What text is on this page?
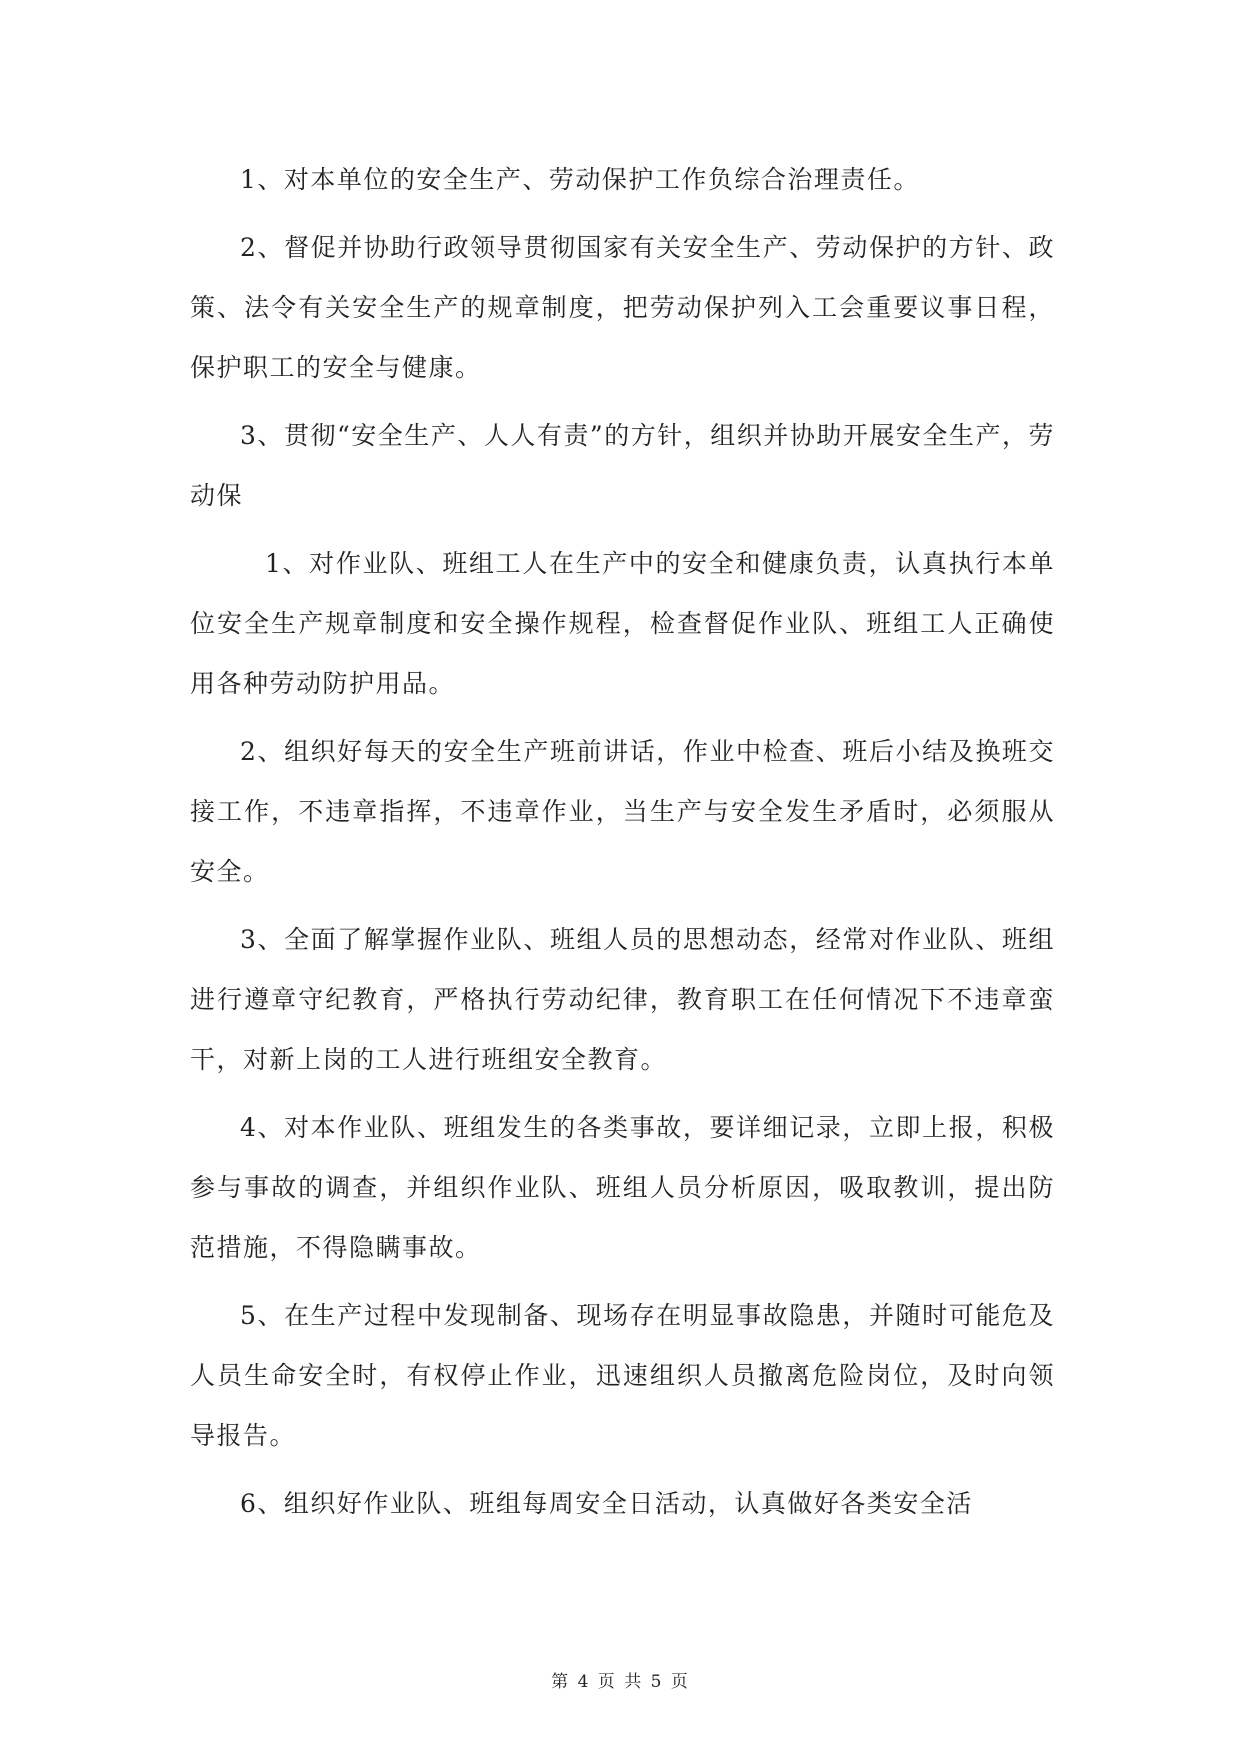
1、对本单位的安全生产、劳动保护工作负综合治理责任。

2、督促并协助行政领导贯彻国家有关安全生产、劳动保护的方针、政策、法令有关安全生产的规章制度，把劳动保护列入工会重要议事日程，保护职工的安全与健康。

3、贯彻“安全生产、人人有责”的方针，组织并协助开展安全生产，劳动保

1、对作业队、班组工人在生产中的安全和健康负责，认真执行本单位安全生产规章制度和安全操作规程，检查督促作业队、班组工人正确使用各种劳动防护用品。

2、组织好每天的安全生产班前讲话，作业中检查、班后小结及换班交接工作，不违章指挥，不违章作业，当生产与安全发生矛盾时，必须服从安全。

3、全面了解掌握作业队、班组人员的思想动态，经常对作业队、班组进行遵章守纪教育，严格执行劳动纪律，教育职工在任何情况下不违章蛮干，对新上岗的工人进行班组安全教育。

4、对本作业队、班组发生的各类事故，要详细记录，立即上报，积极参与事故的调查，并组织作业队、班组人员分析原因，吸取教训，提出防范措施，不得隐瞒事故。

5、在生产过程中发现制备、现场存在明显事故隐患，并随时可能危及人员生命安全时，有权停止作业，迅速组织人员撤离危险岗位，及时向领导报告。

6、组织好作业队、班组每周安全日活动，认真做好各类安全活

第 4 页 共 5 页
